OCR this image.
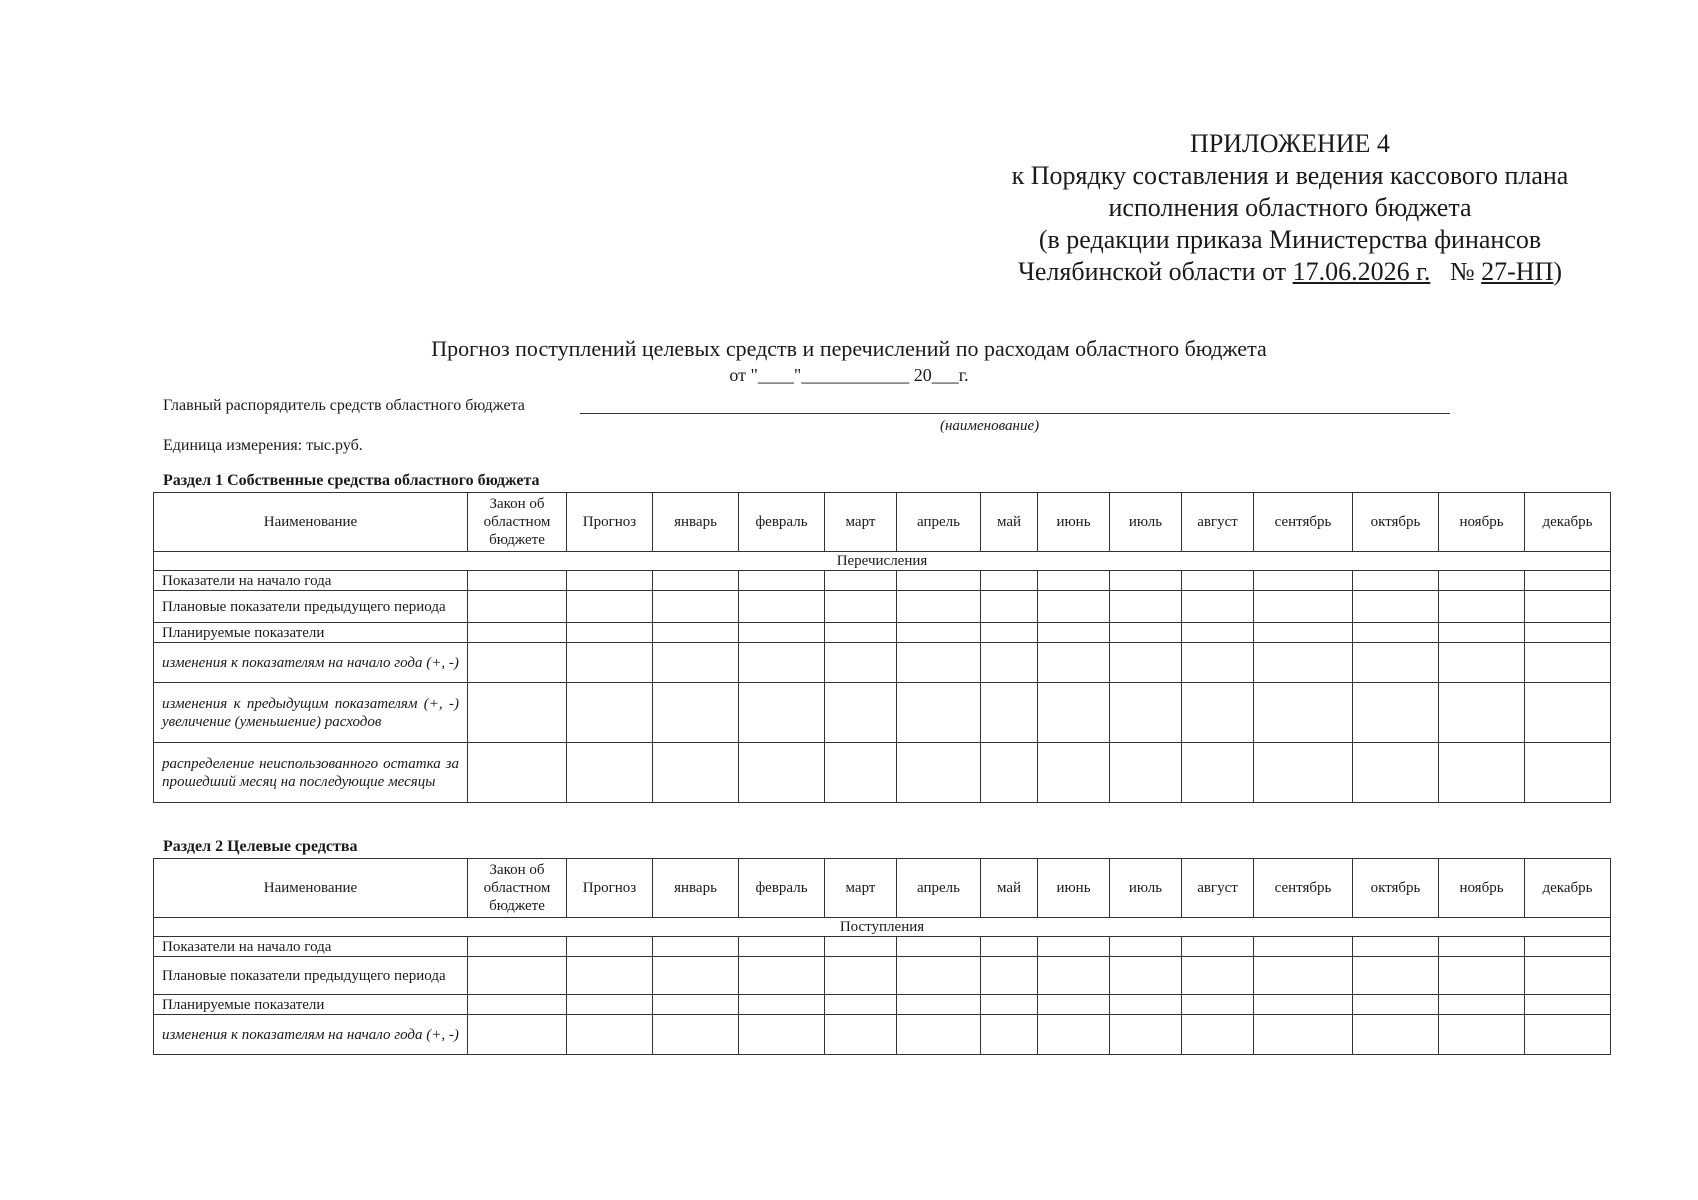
ПРИЛОЖЕНИЕ 4
к Порядку составления и ведения кассового плана
исполнения областного бюджета
(в редакции приказа Министерства финансов
Челябинской области от 17.06.2026 г. № 27-НП)
Прогноз поступлений целевых средств и перечислений по расходам областного бюджета
от "____"____________ 20___г.
Главный распорядитель средств областного бюджета
(наименование)
Единица измерения: тыс.руб.
Раздел 1 Собственные средства областного бюджета
Наименование	Закон об областном бюджете	Прогноз	январь	февраль	март	апрель	май	июнь	июль	август	сентябрь	октябрь	ноябрь	декабрь
Перечисления														
Показатели на начало года														
Плановые показатели предыдущего периода														
Планируемые показатели														
изменения к показателям на начало года (+, -)														
изменения к предыдущим показателям (+, -) увеличение (уменьшение) расходов														
распределение неиспользованного остатка за прошедший месяц на последующие месяцы														
Раздел 2 Целевые средства
Наименование	Закон об областном бюджете	Прогноз	январь	февраль	март	апрель	май	июнь	июль	август	сентябрь	октябрь	ноябрь	декабрь
Поступления														
Показатели на начало года														
Плановые показатели предыдущего периода														
Планируемые показатели														
изменения к показателям на начало года (+, -)														
